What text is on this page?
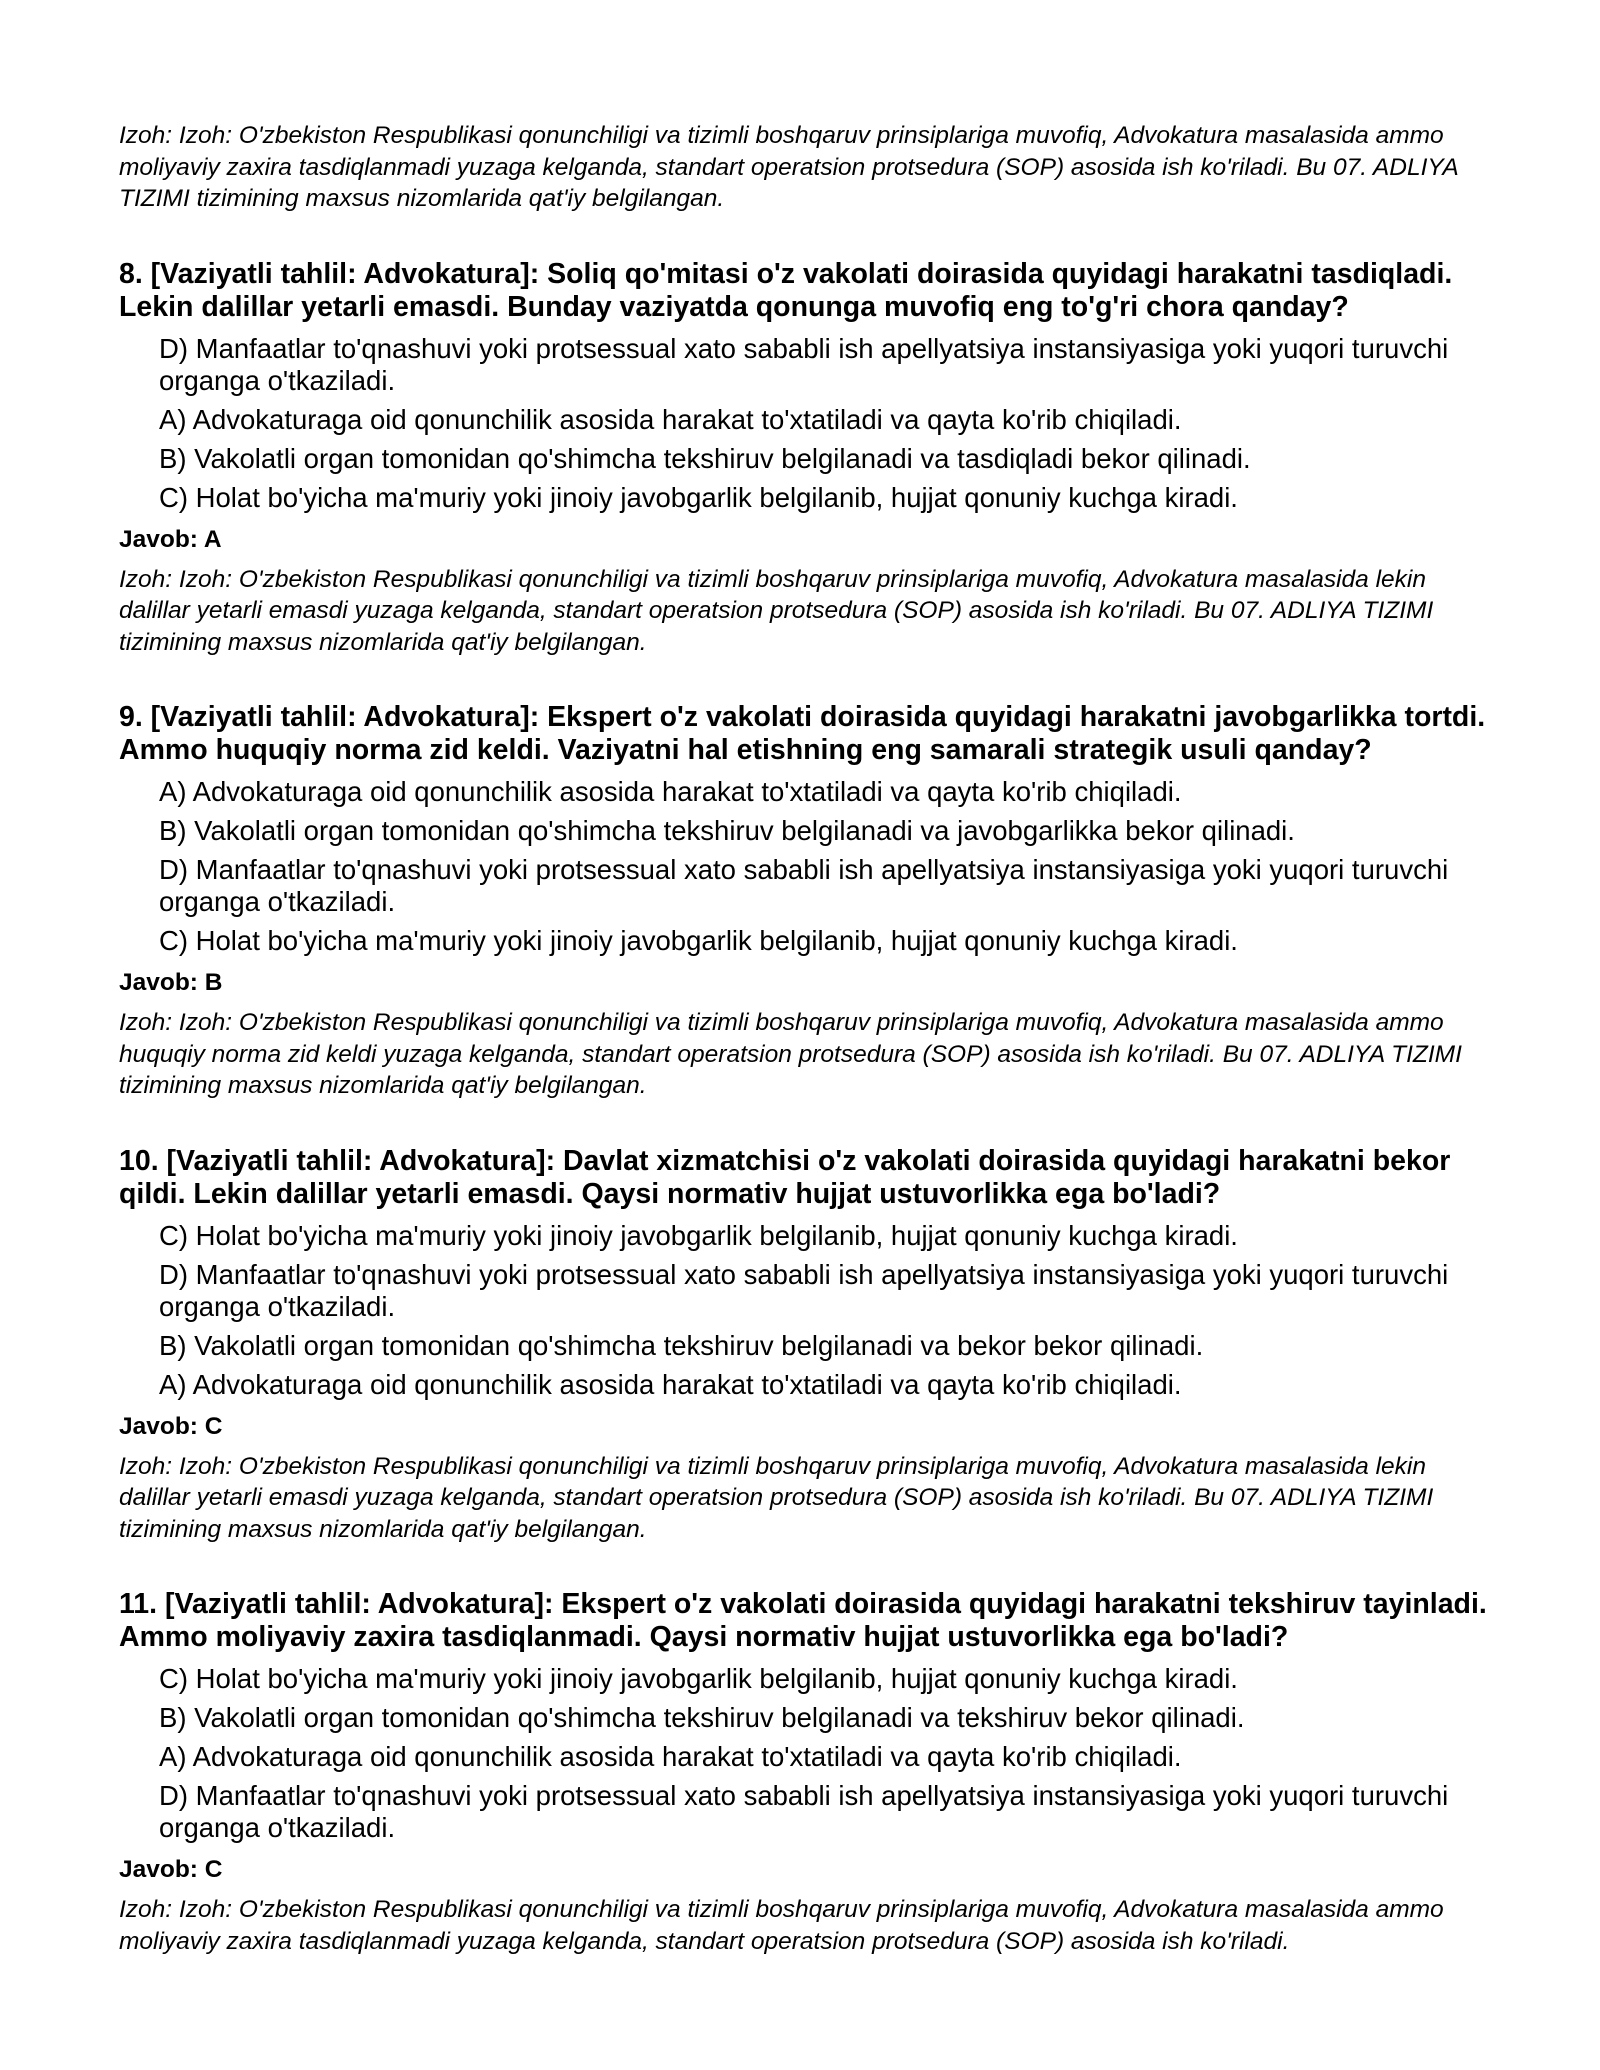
Izoh: Izoh: O'zbekiston Respublikasi qonunchiligi va tizimli boshqaruv prinsiplariga muvofiq, Advokatura masalasida ammo moliyaviy zaxira tasdiqlanmadi yuzaga kelganda, standart operatsion protsedura (SOP) asosida ish ko'riladi. Bu 07. ADLIYA TIZIMI tizimining maxsus nizomlarida qat'iy belgilangan.

8. [Vaziyatli tahlil: Advokatura]: Soliq qo'mitasi o'z vakolati doirasida quyidagi harakatni tasdiqladi. Lekin dalillar yetarli emasdi. Bunday vaziyatda qonunga muvofiq eng to'g'ri chora qanday?

D) Manfaatlar to'qnashuvi yoki protsessual xato sababli ish apellyatsiya instansiyasiga yoki yuqori turuvchi organga o'tkaziladi.

A) Advokaturaga oid qonunchilik asosida harakat to'xtatiladi va qayta ko'rib chiqiladi.

B) Vakolatli organ tomonidan qo'shimcha tekshiruv belgilanadi va tasdiqladi bekor qilinadi.

C) Holat bo'yicha ma'muriy yoki jinoiy javobgarlik belgilanib, hujjat qonuniy kuchga kiradi.

Javob: A

Izoh: Izoh: O'zbekiston Respublikasi qonunchiligi va tizimli boshqaruv prinsiplariga muvofiq, Advokatura masalasida lekin dalillar yetarli emasdi yuzaga kelganda, standart operatsion protsedura (SOP) asosida ish ko'riladi. Bu 07. ADLIYA TIZIMI tizimining maxsus nizomlarida qat'iy belgilangan.

9. [Vaziyatli tahlil: Advokatura]: Ekspert o'z vakolati doirasida quyidagi harakatni javobgarlikka tortdi. Ammo huquqiy norma zid keldi. Vaziyatni hal etishning eng samarali strategik usuli qanday?

A) Advokaturaga oid qonunchilik asosida harakat to'xtatiladi va qayta ko'rib chiqiladi.

B) Vakolatli organ tomonidan qo'shimcha tekshiruv belgilanadi va javobgarlikka bekor qilinadi.

D) Manfaatlar to'qnashuvi yoki protsessual xato sababli ish apellyatsiya instansiyasiga yoki yuqori turuvchi organga o'tkaziladi.

C) Holat bo'yicha ma'muriy yoki jinoiy javobgarlik belgilanib, hujjat qonuniy kuchga kiradi.

Javob: B

Izoh: Izoh: O'zbekiston Respublikasi qonunchiligi va tizimli boshqaruv prinsiplariga muvofiq, Advokatura masalasida ammo huquqiy norma zid keldi yuzaga kelganda, standart operatsion protsedura (SOP) asosida ish ko'riladi. Bu 07. ADLIYA TIZIMI tizimining maxsus nizomlarida qat'iy belgilangan.

10. [Vaziyatli tahlil: Advokatura]: Davlat xizmatchisi o'z vakolati doirasida quyidagi harakatni bekor qildi. Lekin dalillar yetarli emasdi. Qaysi normativ hujjat ustuvorlikka ega bo'ladi?

C) Holat bo'yicha ma'muriy yoki jinoiy javobgarlik belgilanib, hujjat qonuniy kuchga kiradi.

D) Manfaatlar to'qnashuvi yoki protsessual xato sababli ish apellyatsiya instansiyasiga yoki yuqori turuvchi organga o'tkaziladi.

B) Vakolatli organ tomonidan qo'shimcha tekshiruv belgilanadi va bekor bekor qilinadi.

A) Advokaturaga oid qonunchilik asosida harakat to'xtatiladi va qayta ko'rib chiqiladi.

Javob: C

Izoh: Izoh: O'zbekiston Respublikasi qonunchiligi va tizimli boshqaruv prinsiplariga muvofiq, Advokatura masalasida lekin dalillar yetarli emasdi yuzaga kelganda, standart operatsion protsedura (SOP) asosida ish ko'riladi. Bu 07. ADLIYA TIZIMI tizimining maxsus nizomlarida qat'iy belgilangan.

11. [Vaziyatli tahlil: Advokatura]: Ekspert o'z vakolati doirasida quyidagi harakatni tekshiruv tayinladi. Ammo moliyaviy zaxira tasdiqlanmadi. Qaysi normativ hujjat ustuvorlikka ega bo'ladi?

C) Holat bo'yicha ma'muriy yoki jinoiy javobgarlik belgilanib, hujjat qonuniy kuchga kiradi.

B) Vakolatli organ tomonidan qo'shimcha tekshiruv belgilanadi va tekshiruv bekor qilinadi.

A) Advokaturaga oid qonunchilik asosida harakat to'xtatiladi va qayta ko'rib chiqiladi.

D) Manfaatlar to'qnashuvi yoki protsessual xato sababli ish apellyatsiya instansiyasiga yoki yuqori turuvchi organga o'tkaziladi.

Javob: C

Izoh: Izoh: O'zbekiston Respublikasi qonunchiligi va tizimli boshqaruv prinsiplariga muvofiq, Advokatura masalasida ammo moliyaviy zaxira tasdiqlanmadi yuzaga kelganda, standart operatsion protsedura (SOP) asosida ish ko'riladi.
